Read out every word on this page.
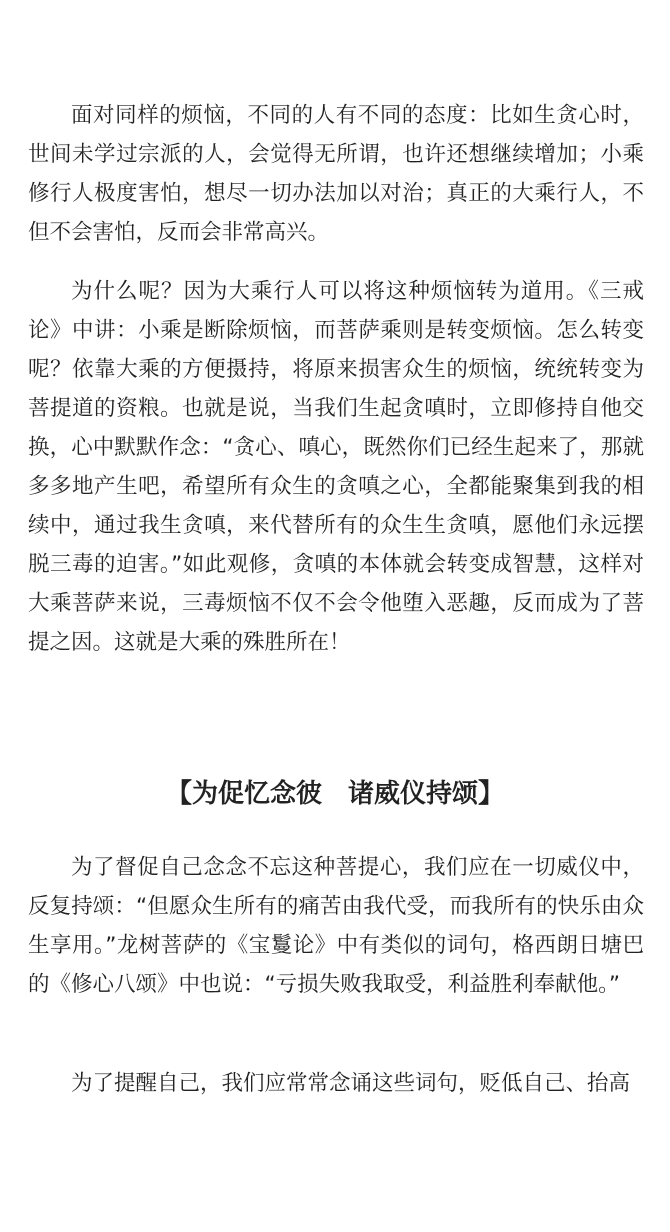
面对同样的烦恼，不同的人有不同的态度：比如生贪心时，世间未学过宗派的人，会觉得无所谓，也许还想继续增加；小乘修行人极度害怕，想尽一切办法加以对治；真正的大乘行人，不但不会害怕，反而会非常高兴。

为什么呢？因为大乘行人可以将这种烦恼转为道用。《三戒论》中讲：小乘是断除烦恼，而菩萨乘则是转变烦恼。怎么转变呢？依靠大乘的方便摄持，将原来损害众生的烦恼，统统转变为菩提道的资粮。也就是说，当我们生起贪嗔时，立即修持自他交换，心中默默作念：“贪心、嗔心，既然你们已经生起来了，那就多多地产生吧，希望所有众生的贪嗔之心，全都能聚集到我的相续中，通过我生贪嗔，来代替所有的众生生贪嗔，愿他们永远摆脱三毒的迫害。”如此观修，贪嗔的本体就会转变成智慧，这样对大乘菩萨来说，三毒烦恼不仅不会令他堕入恶趣，反而成为了菩提之因。这就是大乘的殊胜所在！

【为促忆念彼　诸威仪持颂】

为了督促自己念念不忘这种菩提心，我们应在一切威仪中，反复持颂：“但愿众生所有的痛苦由我代受，而我所有的快乐由众生享用。”龙树菩萨的《宝鬘论》中有类似的词句，格西朗日塘巴的《修心八颂》中也说：“亏损失败我取受，利益胜利奉献他。”

为了提醒自己，我们应常常念诵这些词句，贬低自己、抬高
